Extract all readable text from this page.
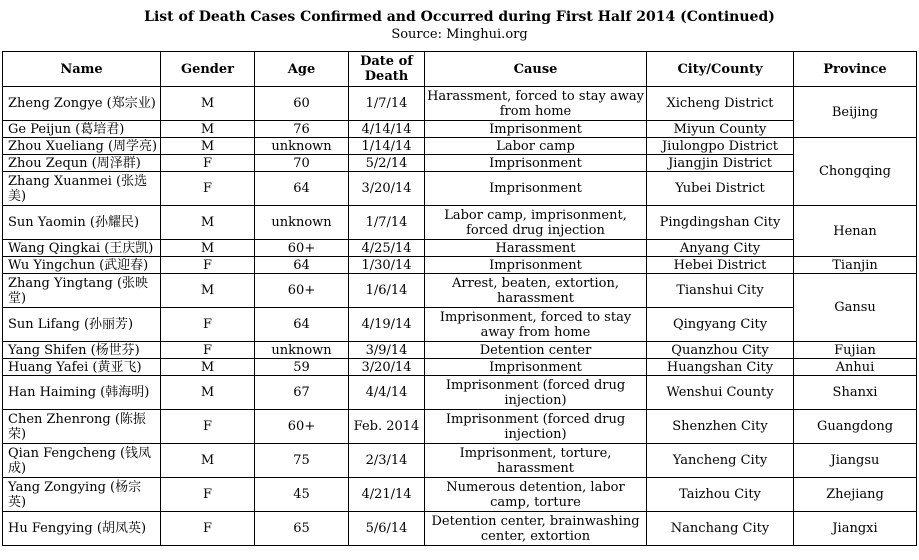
List of Death Cases Confirmed and Occurred during First Half 2014 (Continued)
Source: Minghui.org
Name	Gender	Age	Date of Death	Cause	City/County	Province
Zheng Zongye (郑宗业)	M	60	1/7/14	Harassment, forced to stay away from home	Xicheng District	Beijing
Ge Peijun (葛培君)	M	76	4/14/14	Imprisonment	Miyun County	
Zhou Xueliang (周学亮)	M	unknown	1/14/14	Labor camp	Jiulongpo District	Chongqing
Zhou Zequn (周泽群)	F	70	5/2/14	Imprisonment	Jiangjin District	
Zhang Xuanmei (张选美)	F	64	3/20/14	Imprisonment	Yubei District	
Sun Yaomin (孙耀民)	M	unknown	1/7/14	Labor camp, imprisonment, forced drug injection	Pingdingshan City	Henan
Wang Qingkai (王庆凯)	M	60+	4/25/14	Harassment	Anyang City	
Wu Yingchun (武迎春)	F	64	1/30/14	Imprisonment	Hebei District	Tianjin
Zhang Yingtang (张映堂)	M	60+	1/6/14	Arrest, beaten, extortion, harassment	Tianshui City	Gansu
Sun Lifang (孙丽芳)	F	64	4/19/14	Imprisonment, forced to stay away from home	Qingyang City	
Yang Shifen (杨世芬)	F	unknown	3/9/14	Detention center	Quanzhou City	Fujian
Huang Yafei (黄亚飞)	M	59	3/20/14	Imprisonment	Huangshan City	Anhui
Han Haiming (韩海明)	M	67	4/4/14	Imprisonment (forced drug injection)	Wenshui County	Shanxi
Chen Zhenrong (陈振荣)	F	60+	Feb. 2014	Imprisonment (forced drug injection)	Shenzhen City	Guangdong
Qian Fengcheng (钱凤成)	M	75	2/3/14	Imprisonment, torture, harassment	Yancheng City	Jiangsu
Yang Zongying (杨宗英)	F	45	4/21/14	Numerous detention, labor camp, torture	Taizhou City	Zhejiang
Hu Fengying (胡凤英)	F	65	5/6/14	Detention center, brainwashing center, extortion	Nanchang City	Jiangxi
